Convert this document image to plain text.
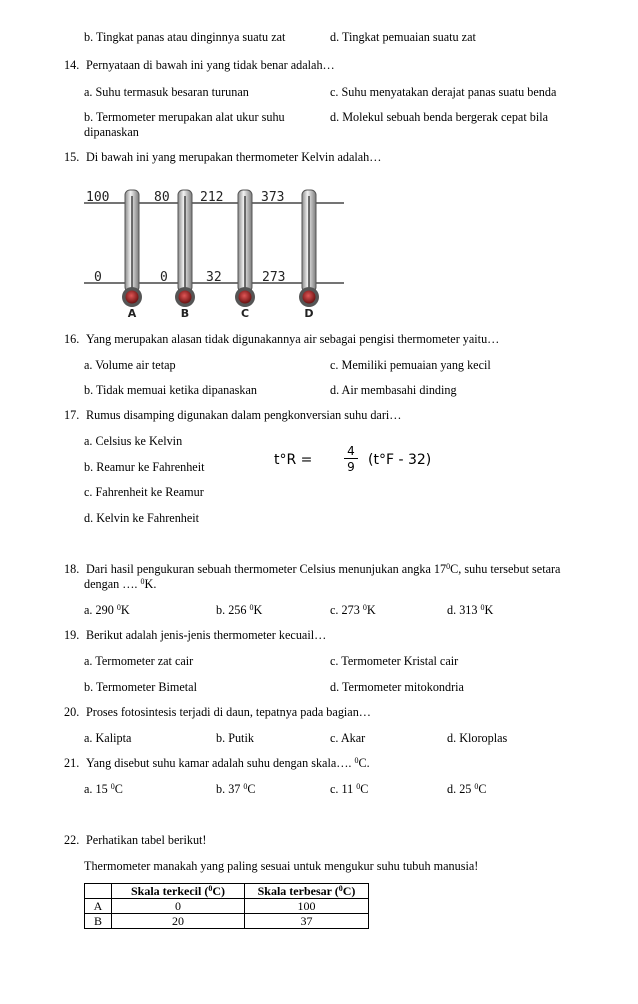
b. Tingkat panas atau dinginnya suatu zat	d. Tingkat pemuaian suatu zat
14. Pernyataan di bawah ini yang tidak benar adalah…
a. Suhu termasuk besaran turunan	c. Suhu menyatakan derajat panas suatu benda
b. Termometer merupakan alat ukur suhu
dipanaskan
d. Molekul sebuah benda bergerak cepat bila
15. Di bawah ini yang merupakan thermometer Kelvin adalah…
100	80 212	373
0	0	32	273
A	B	C	D
16. Yang merupakan alasan tidak digunakannya air sebagai pengisi thermometer yaitu…
a. Volume air tetap	c. Memiliki pemuaian yang kecil
b. Tidak memuai ketika dipanaskan	d. Air membasahi dinding
17. Rumus disamping digunakan dalam pengkonversian suhu dari…
a. Celsius ke Kelvin
b. Reamur ke Fahrenheit
c. Fahrenheit ke Reamur
d. Kelvin ke Fahrenheit
t°R =
4
9 (t°F - 32)
18. Dari hasil pengukuran sebuah thermometer Celsius menunjukan angka $17^0C$, suhu tersebut setara
dengan …. $^0$K.
a. 290 $^0$K	b. 256 $^0$K	c. 273 $^0$K	d. 313 $^0$K
19. Berikut adalah jenis-jenis thermometer kecuail…
a. Termometer zat cair	c. Termometer Kristal cair
b. Termometer Bimetal	d. Termometer mitokondria
20. Proses fotosintesis terjadi di daun, tepatnya pada bagian…
a. Kalipta	b. Putik	c. Akar	d. Kloroplas
21. Yang disebut suhu kamar adalah suhu dengan skala…. $^0$C.
a. 15 $^0$C	b. 37 $^0$C	c. 11 $^0$C	d. 25 $^0$C
22. Perhatikan tabel berikut!
Thermometer manakah yang paling sesuai untuk mengukur suhu tubuh manusia!
	Skala terkecil ($^0$C)	Skala terbesar ($^0$C)
A	0	100
B	20	37
